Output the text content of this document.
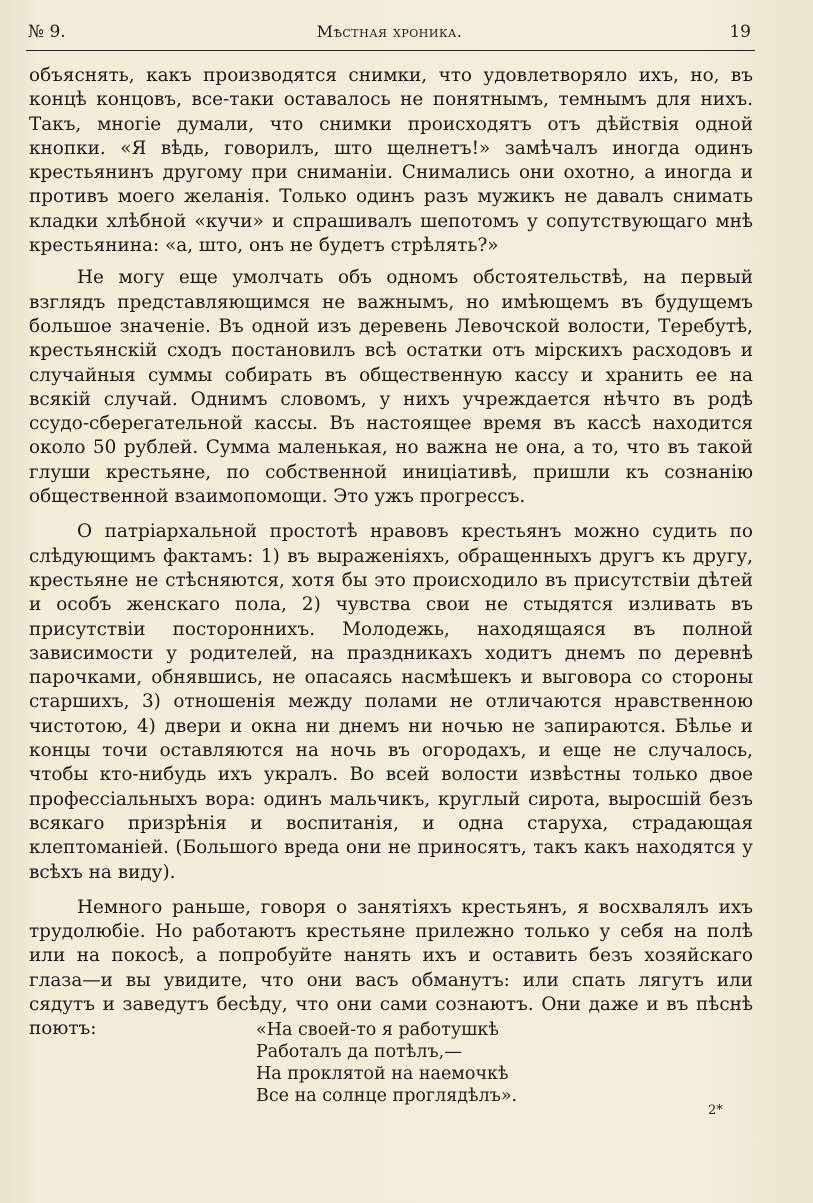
№ 9.	Мѣстная хроника.	19

объяснять, какъ производятся снимки, что удовлетворяло ихъ, но, въ концѣ концовъ, все-таки оставалось не понятнымъ, темнымъ для нихъ. Такъ, многіе думали, что снимки происходятъ отъ дѣйствія одной кнопки. «Я вѣдь, говорилъ, што щелнетъ!» замѣчалъ иногда одинъ крестьянинъ другому при сниманіи. Снимались они охотно, а иногда и противъ моего желанія. Только одинъ разъ мужикъ не давалъ снимать кладки хлѣбной «кучи» и спрашивалъ шепотомъ у сопутствующаго мнѣ крестьянина: «а, што, онъ не будетъ стрѣлять?»

Не могу еще умолчать объ одномъ обстоятельствѣ, на первый взглядъ представляющимся не важнымъ, но имѣющемъ въ будущемъ большое значеніе. Въ одной изъ деревень Левочской волости, Теребутѣ, крестьянскій сходъ постановилъ всѣ остатки отъ мірскихъ расходовъ и случайныя суммы собирать въ общественную кассу и хранить ее на всякій случай. Однимъ словомъ, у нихъ учреждается нѣчто въ родѣ ссудо-сберегательной кассы. Въ настоящее время въ кассѣ находится около 50 рублей. Сумма маленькая, но важна не она, а то, что въ такой глуши крестьяне, по собственной иниціативѣ, пришли къ сознанію общественной взаимопомощи. Это ужъ прогрессъ.

О патріархальной простотѣ нравовъ крестьянъ можно судить по слѣдующимъ фактамъ: 1) въ выраженіяхъ, обращенныхъ другъ къ другу, крестьяне не стѣсняются, хотя бы это происходило въ присутствіи дѣтей и особъ женскаго пола, 2) чувства свои не стыдятся изливать въ присутствіи постороннихъ. Молодежь, находящаяся въ полной зависимости у родителей, на праздникахъ ходитъ днемъ по деревнѣ парочками, обнявшись, не опасаясь насмѣшекъ и выговора со стороны старшихъ, 3) отношенія между полами не отличаются нравственною чистотою, 4) двери и окна ни днемъ ни ночью не запираются. Бѣлье и концы точи оставляются на ночь въ огородахъ, и еще не случалось, чтобы кто-нибудь ихъ укралъ. Во всей волости извѣстны только двое профессіальныхъ вора: одинъ мальчикъ, круглый сирота, выросшій безъ всякаго призрѣнія и воспитанія, и одна старуха, страдающая клептоманіей. (Большого вреда они не приносятъ, такъ какъ находятся у всѣхъ на виду).

Немного раньше, говоря о занятіяхъ крестьянъ, я восхвалялъ ихъ трудолюбіе. Но работаютъ крестьяне прилежно только у себя на полѣ или на покосѣ, а попробуйте нанять ихъ и оставить безъ хозяйскаго глаза—и вы увидите, что они васъ обманутъ: или спать лягутъ или сядутъ и заведутъ бесѣду, что они сами сознаютъ. Они даже и въ пѣснѣ поютъ:	«На своей-то я работушкѣ
Работалъ да потѣлъ,—
На проклятой на наемочкѣ
Все на солнце проглядѣлъ».
2*
